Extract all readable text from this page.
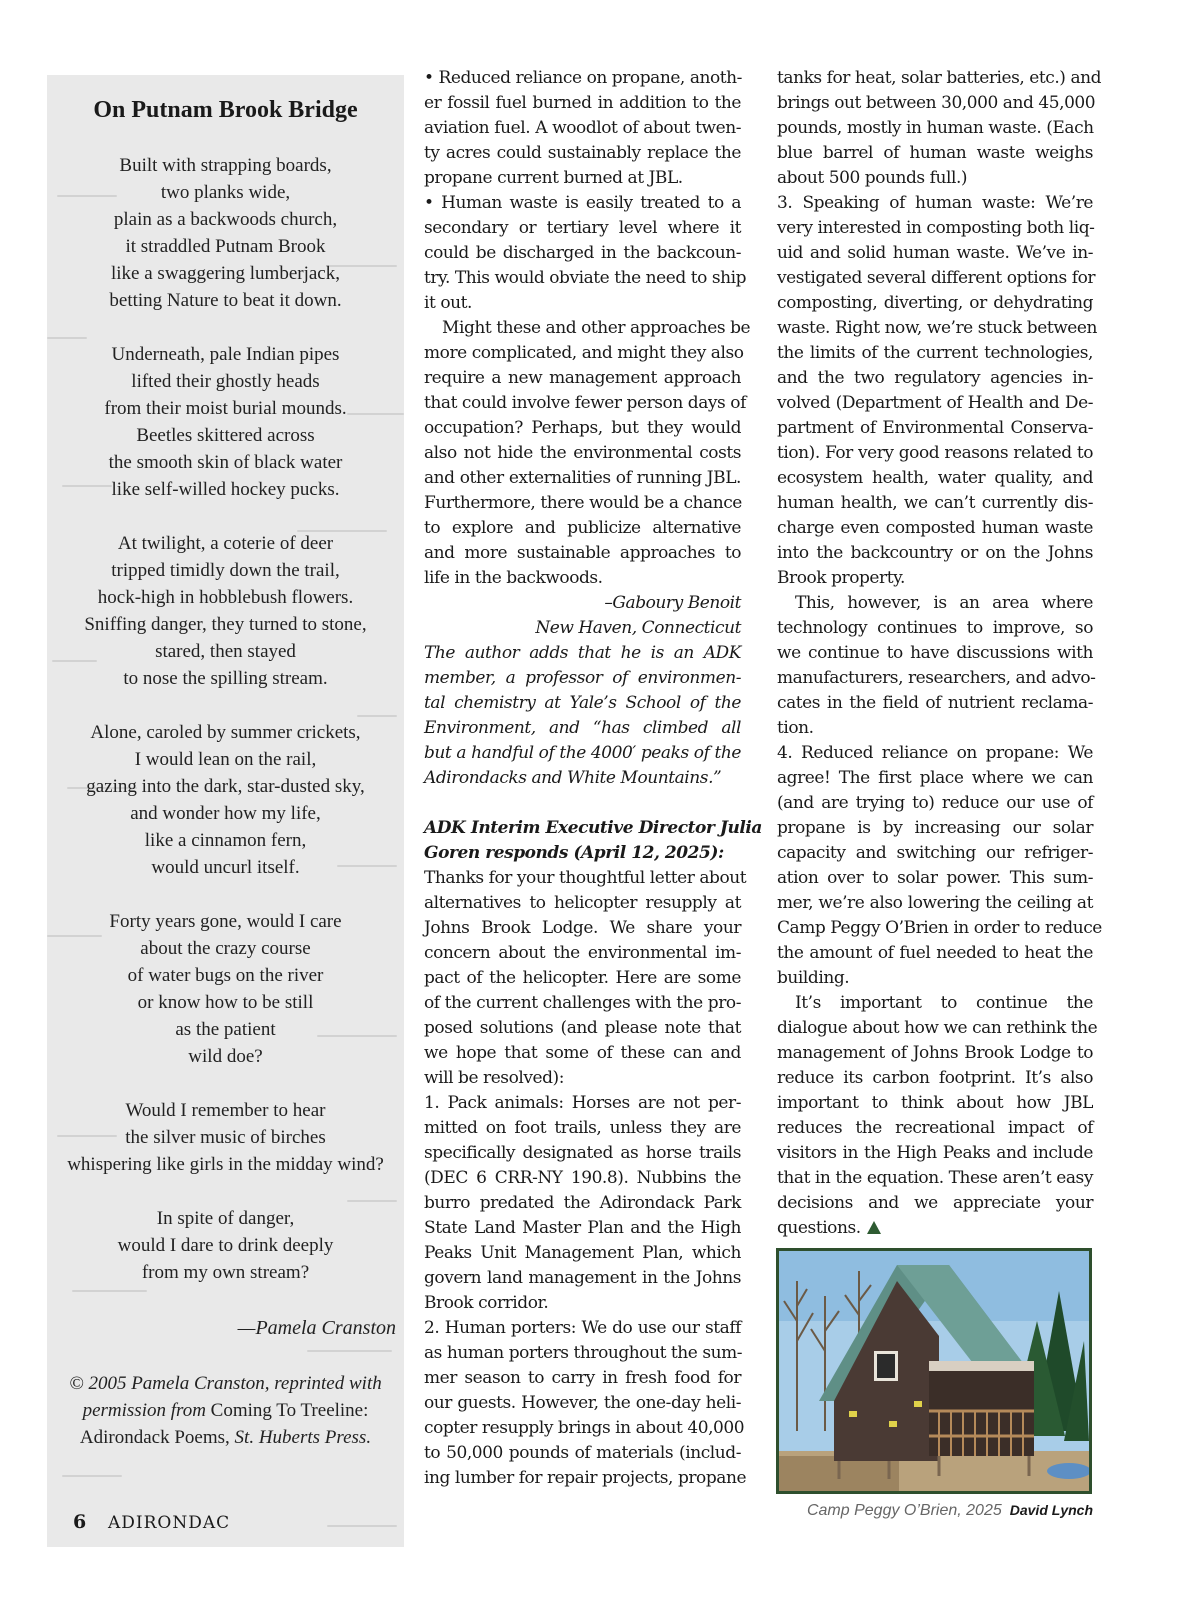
On Putnam Brook Bridge
Built with strapping boards,
two planks wide,
plain as a backwoods church,
it straddled Putnam Brook
like a swaggering lumberjack,
betting Nature to beat it down.
Underneath, pale Indian pipes
lifted their ghostly heads
from their moist burial mounds.
Beetles skittered across
the smooth skin of black water
like self-willed hockey pucks.
At twilight, a coterie of deer
tripped timidly down the trail,
hock-high in hobblebush flowers.
Sniffing danger, they turned to stone,
stared, then stayed
to nose the spilling stream.
Alone, caroled by summer crickets,
I would lean on the rail,
gazing into the dark, star-dusted sky,
and wonder how my life,
like a cinnamon fern,
would uncurl itself.
Forty years gone, would I care
about the crazy course
of water bugs on the river
or know how to be still
as the patient
wild doe?
Would I remember to hear
the silver music of birches
whispering like girls in the midday wind?
In spite of danger,
would I dare to drink deeply
from my own stream?
—Pamela Cranston
© 2005 Pamela Cranston, reprinted with
permission from Coming To Treeline:
Adirondack Poems, St. Huberts Press.
• Reduced reliance on propane, anoth-
er fossil fuel burned in addition to the
aviation fuel. A woodlot of about twen-
ty acres could sustainably replace the
propane current burned at JBL.
• Human waste is easily treated to a
secondary or tertiary level where it
could be discharged in the backcoun-
try. This would obviate the need to ship
it out.
Might these and other approaches be
more complicated, and might they also
require a new management approach
that could involve fewer person days of
occupation? Perhaps, but they would
also not hide the environmental costs
and other externalities of running JBL.
Furthermore, there would be a chance
to explore and publicize alternative
and more sustainable approaches to
life in the backwoods.
–Gaboury Benoit
New Haven, Connecticut
The author adds that he is an ADK
member, a professor of environmen-
tal chemistry at Yale’s School of the
Environment, and “has climbed all
but a handful of the 4000′ peaks of the
Adirondacks and White Mountains.”
ADK Interim Executive Director Julia
Goren responds (April 12, 2025):
Thanks for your thoughtful letter about
alternatives to helicopter resupply at
Johns Brook Lodge. We share your
concern about the environmental im-
pact of the helicopter. Here are some
of the current challenges with the pro-
posed solutions (and please note that
we hope that some of these can and
will be resolved):
1. Pack animals: Horses are not per-
mitted on foot trails, unless they are
specifically designated as horse trails
(DEC 6 CRR-NY 190.8). Nubbins the
burro predated the Adirondack Park
State Land Master Plan and the High
Peaks Unit Management Plan, which
govern land management in the Johns
Brook corridor.
2. Human porters: We do use our staff
as human porters throughout the sum-
mer season to carry in fresh food for
our guests. However, the one-day heli-
copter resupply brings in about 40,000
to 50,000 pounds of materials (includ-
ing lumber for repair projects, propane
tanks for heat, solar batteries, etc.) and
brings out between 30,000 and 45,000
pounds, mostly in human waste. (Each
blue barrel of human waste weighs
about 500 pounds full.)
3. Speaking of human waste: We’re
very interested in composting both liq-
uid and solid human waste. We’ve in-
vestigated several different options for
composting, diverting, or dehydrating
waste. Right now, we’re stuck between
the limits of the current technologies,
and the two regulatory agencies in-
volved (Department of Health and De-
partment of Environmental Conserva-
tion). For very good reasons related to
ecosystem health, water quality, and
human health, we can’t currently dis-
charge even composted human waste
into the backcountry or on the Johns
Brook property.
This, however, is an area where
technology continues to improve, so
we continue to have discussions with
manufacturers, researchers, and advo-
cates in the field of nutrient reclama-
tion.
4. Reduced reliance on propane: We
agree! The first place where we can
(and are trying to) reduce our use of
propane is by increasing our solar
capacity and switching our refriger-
ation over to solar power. This sum-
mer, we’re also lowering the ceiling at
Camp Peggy O’Brien in order to reduce
the amount of fuel needed to heat the
building.
It’s important to continue the
dialogue about how we can rethink the
management of Johns Brook Lodge to
reduce its carbon footprint. It’s also
important to think about how JBL
reduces the recreational impact of
visitors in the High Peaks and include
that in the equation. These aren’t easy
decisions and we appreciate your
questions.
Camp Peggy O’Brien, 2025 David Lynch
6 ADIRONDAC
